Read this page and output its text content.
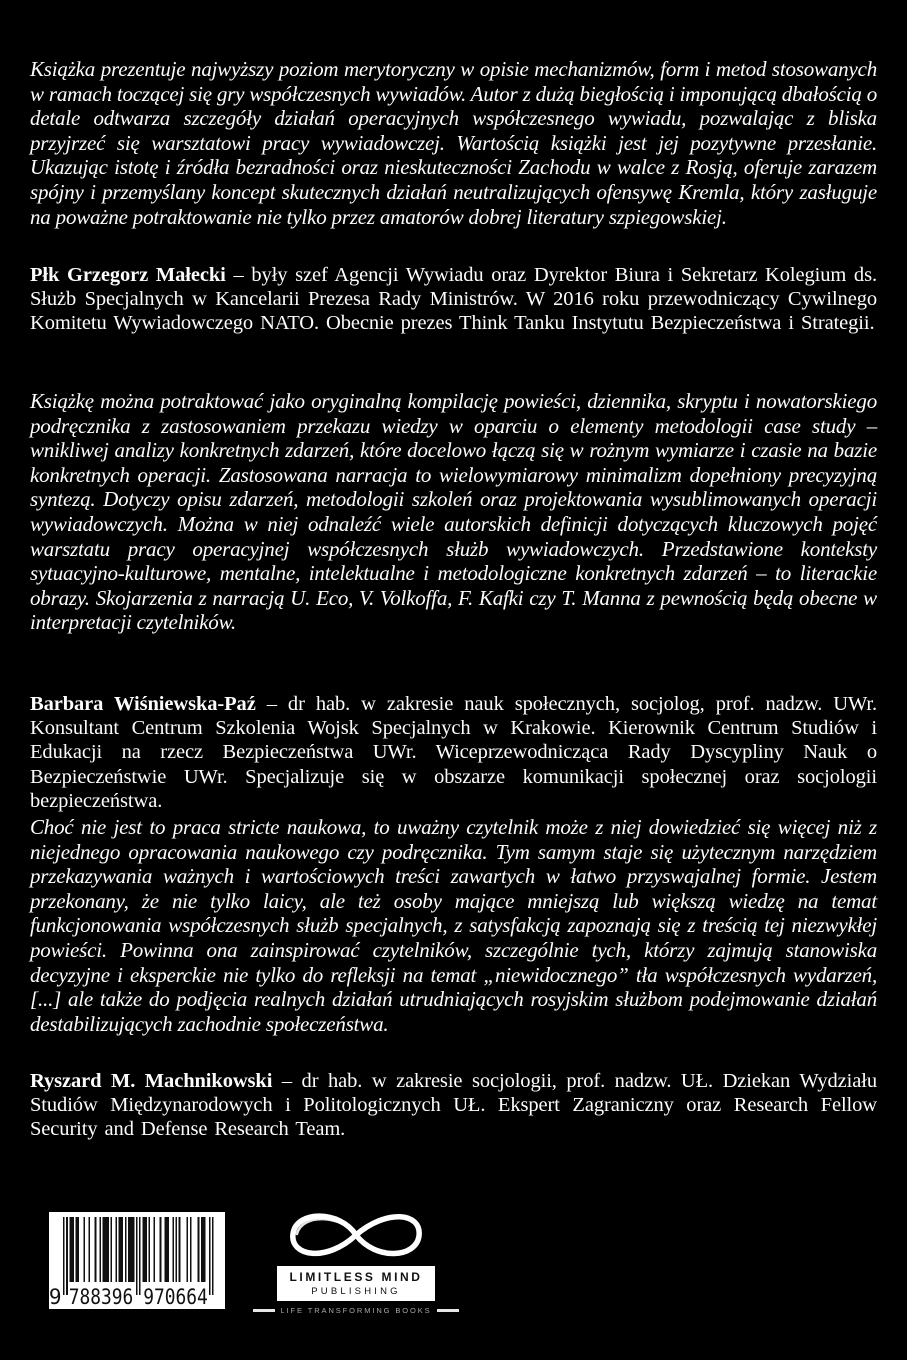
Książka prezentuje najwyższy poziom merytoryczny w opisie mechanizmów, form i metod stosowanych w ramach toczącej się gry współczesnych wywiadów. Autor z dużą biegłością i imponującą dbałością o detale odtwarza szczegóły działań operacyjnych współczesnego wywiadu, pozwalając z bliska przyjrzeć się warsztatowi pracy wywiadowczej. Wartością książki jest jej pozytywne przesłanie. Ukazując istotę i źródła bezradności oraz nieskuteczności Zachodu w walce z Rosją, oferuje zarazem spójny i przemyślany koncept skutecznych działań neutralizujących ofensywę Kremla, który zasługuje na poważne potraktowanie nie tylko przez amatorów dobrej literatury szpiegowskiej.

Płk Grzegorz Małecki – były szef Agencji Wywiadu oraz Dyrektor Biura i Sekretarz Kolegium ds. Służb Specjalnych w Kancelarii Prezesa Rady Ministrów. W 2016 roku przewodniczący Cywilnego Komitetu Wywiadowczego NATO. Obecnie prezes Think Tanku Instytutu Bezpieczeństwa i Strategii.

Książkę można potraktować jako oryginalną kompilację powieści, dziennika, skryptu i nowatorskiego podręcznika z zastosowaniem przekazu wiedzy w oparciu o elementy metodologii case study – wnikliwej analizy konkretnych zdarzeń, które docelowo łączą się w rożnym wymiarze i czasie na bazie konkretnych operacji. Zastosowana narracja to wielowymiarowy minimalizm dopełniony precyzyjną syntezą. Dotyczy opisu zdarzeń, metodologii szkoleń oraz projektowania wysublimowanych operacji wywiadowczych. Można w niej odnaleźć wiele autorskich definicji dotyczących kluczowych pojęć warsztatu pracy operacyjnej współczesnych służb wywiadowczych. Przedstawione konteksty sytuacyjno-kulturowe, mentalne, intelektualne i metodologiczne konkretnych zdarzeń – to literackie obrazy. Skojarzenia z narracją U. Eco, V. Volkoffa, F. Kafki czy T. Manna z pewnością będą obecne w interpretacji czytelników.

Barbara Wiśniewska-Paź – dr hab. w zakresie nauk społecznych, socjolog, prof. nadzw. UWr. Konsultant Centrum Szkolenia Wojsk Specjalnych w Krakowie. Kierownik Centrum Studiów i Edukacji na rzecz Bezpieczeństwa UWr. Wiceprzewodnicząca Rady Dyscypliny Nauk o Bezpieczeństwie UWr. Specjalizuje się w obszarze komunikacji społecznej oraz socjologii bezpieczeństwa.

Choć nie jest to praca stricte naukowa, to uważny czytelnik może z niej dowiedzieć się więcej niż z niejednego opracowania naukowego czy podręcznika. Tym samym staje się użytecznym narzędziem przekazywania ważnych i wartościowych treści zawartych w łatwo przyswajalnej formie. Jestem przekonany, że nie tylko laicy, ale też osoby mające mniejszą lub większą wiedzę na temat funkcjonowania współczesnych służb specjalnych, z satysfakcją zapoznają się z treścią tej niezwykłej powieści. Powinna ona zainspirować czytelników, szczególnie tych, którzy zajmują stanowiska decyzyjne i eksperckie nie tylko do refleksji na temat „niewidocznego” tła współczesnych wydarzeń, [...] ale także do podjęcia realnych działań utrudniających rosyjskim służbom podejmowanie działań destabilizujących zachodnie społeczeństwa.

Ryszard M. Machnikowski – dr hab. w zakresie socjologii, prof. nadzw. UŁ. Dziekan Wydziału Studiów Międzynarodowych i Politologicznych UŁ. Ekspert Zagraniczny oraz Research Fellow Security and Defense Research Team.

9 788396 970664
LIMITLESS MIND
PUBLISHING
LIFE TRANSFORMING BOOKS
